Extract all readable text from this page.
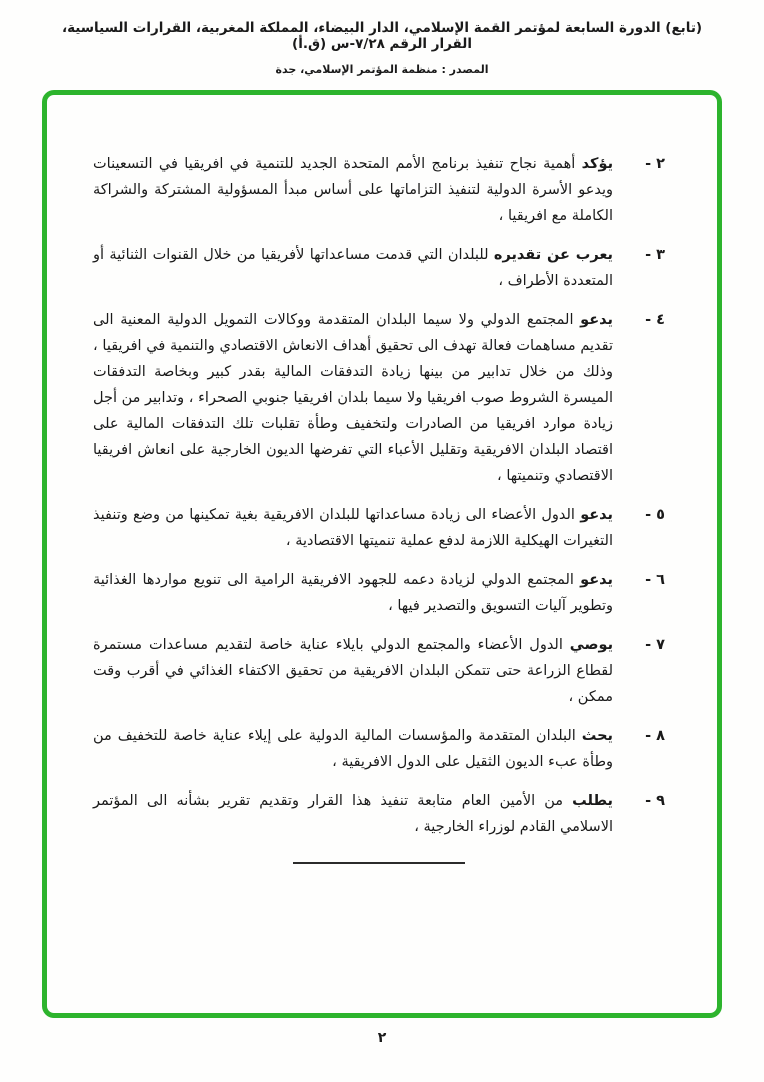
(تابع) الدورة السابعة لمؤتمر القمة الإسلامي، الدار البيضاء، المملكة المغربية، القرارات السياسية، القرار الرقم ٧/٢٨-س (ق.أ)
المصدر : منظمة المؤتمر الإسلامي، جدة
٢ -

يؤكد أهمية نجاح تنفيذ برنامج الأمم المتحدة الجديد للتنمية في افريقيا في التسعينات ويدعو الأسرة الدولية لتنفيذ التزاماتها على أساس مبدأ المسؤولية المشتركة والشراكة الكاملة مع افريقيا ،

٣ -

يعرب عن تقديره للبلدان التي قدمت مساعداتها لأفريقيا من خلال القنوات الثنائية أو المتعددة الأطراف ،

٤ -

يدعو المجتمع الدولي ولا سيما البلدان المتقدمة ووكالات التمويل الدولية المعنية الى تقديم مساهمات فعالة تهدف الى تحقيق أهداف الانعاش الاقتصادي والتنمية في افريقيا ، وذلك من خلال تدابير من بينها زيادة التدفقات المالية بقدر كبير وبخاصة التدفقات الميسرة الشروط صوب افريقيا ولا سيما بلدان افريقيا جنوبي الصحراء ، وتدابير من أجل زيادة موارد افريقيا من الصادرات ولتخفيف وطأة تقلبات تلك التدفقات المالية على اقتصاد البلدان الافريقية وتقليل الأعباء التي تفرضها الديون الخارجية على انعاش افريقيا الاقتصادي وتنميتها ،

٥ -

يدعو الدول الأعضاء الى زيادة مساعداتها للبلدان الافريقية بغية تمكينها من وضع وتنفيذ التغيرات الهيكلية اللازمة لدفع عملية تنميتها الاقتصادية ،

٦ -

يدعو المجتمع الدولي لزيادة دعمه للجهود الافريقية الرامية الى تنويع مواردها الغذائية وتطوير آليات التسويق والتصدير فيها ،

٧ -

يوصي الدول الأعضاء والمجتمع الدولي بايلاء عناية خاصة لتقديم مساعدات مستمرة لقطاع الزراعة حتى تتمكن البلدان الافريقية من تحقيق الاكتفاء الغذائي في أقرب وقت ممكن ،

٨ -

يحث البلدان المتقدمة والمؤسسات المالية الدولية على إيلاء عناية خاصة للتخفيف من وطأة عبء الديون الثقيل على الدول الافريقية ،

٩ -

يطلب من الأمين العام متابعة تنفيذ هذا القرار وتقديم تقرير بشأنه الى المؤتمر الاسلامي القادم لوزراء الخارجية ،

٢
